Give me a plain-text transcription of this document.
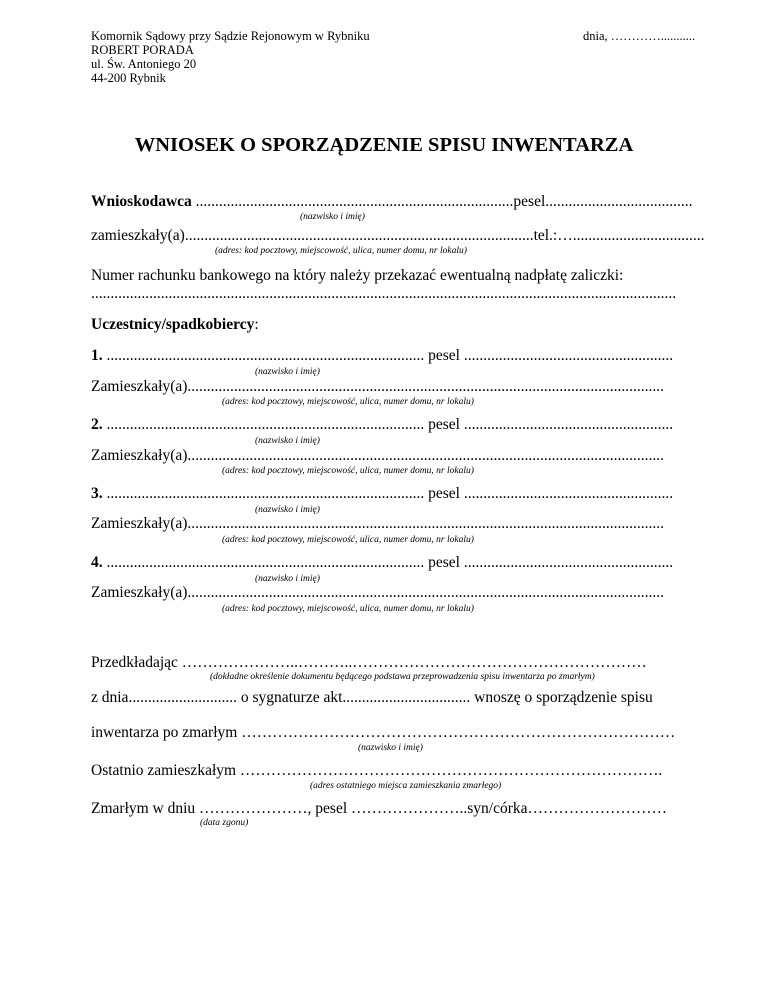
Komornik Sądowy przy Sądzie Rejonowym w Rybniku
ROBERT PORADA
ul. Św. Antoniego 20
44-200 Rybnik
dnia, …………...........
WNIOSEK O SPORZĄDZENIE SPISU INWENTARZA
Wnioskodawca ..................................................................................pesel......................................
(nazwisko i imię)
zamieszkały(a)..........................................................................................tel.:…..................................
(adres: kod pocztowy, miejscowość, ulica, numer domu, nr lokalu)
Numer rachunku bankowego na który należy przekazać ewentualną nadpłatę zaliczki:
.......................................................................................................................................................
Uczestnicy/spadkobiercy:
1. .................................................................................. pesel ......................................................
(nazwisko i imię)
Zamieszkały(a)...........................................................................................................................
(adres: kod pocztowy, miejscowość, ulica, numer domu, nr lokalu)
2. .................................................................................. pesel ......................................................
(nazwisko i imię)
Zamieszkały(a)...........................................................................................................................
(adres: kod pocztowy, miejscowość, ulica, numer domu, nr lokalu)
3. .................................................................................. pesel ......................................................
(nazwisko i imię)
Zamieszkały(a)...........................................................................................................................
(adres: kod pocztowy, miejscowość, ulica, numer domu, nr lokalu)
4. .................................................................................. pesel ......................................................
(nazwisko i imię)
Zamieszkały(a)...........................................................................................................................
(adres: kod pocztowy, miejscowość, ulica, numer domu, nr lokalu)
Przedkładając …………………..………..…………………………………………………
(dokładne określenie dokumentu będącego podstawa przeprowadzenia spisu inwentarza po zmarłym)
z dnia............................ o sygnaturze akt................................. wnoszę o sporządzenie spisu
inwentarza po zmarłym …………………………………………………………………………
(nazwisko i imię)
Ostatnio zamieszkałym ……………………………………………………………………….
(adres ostatniego miejsca zamieszkania zmarłego)
Zmarłym w dniu …………………, pesel …………………..syn/córka………………………
(data zgonu)
